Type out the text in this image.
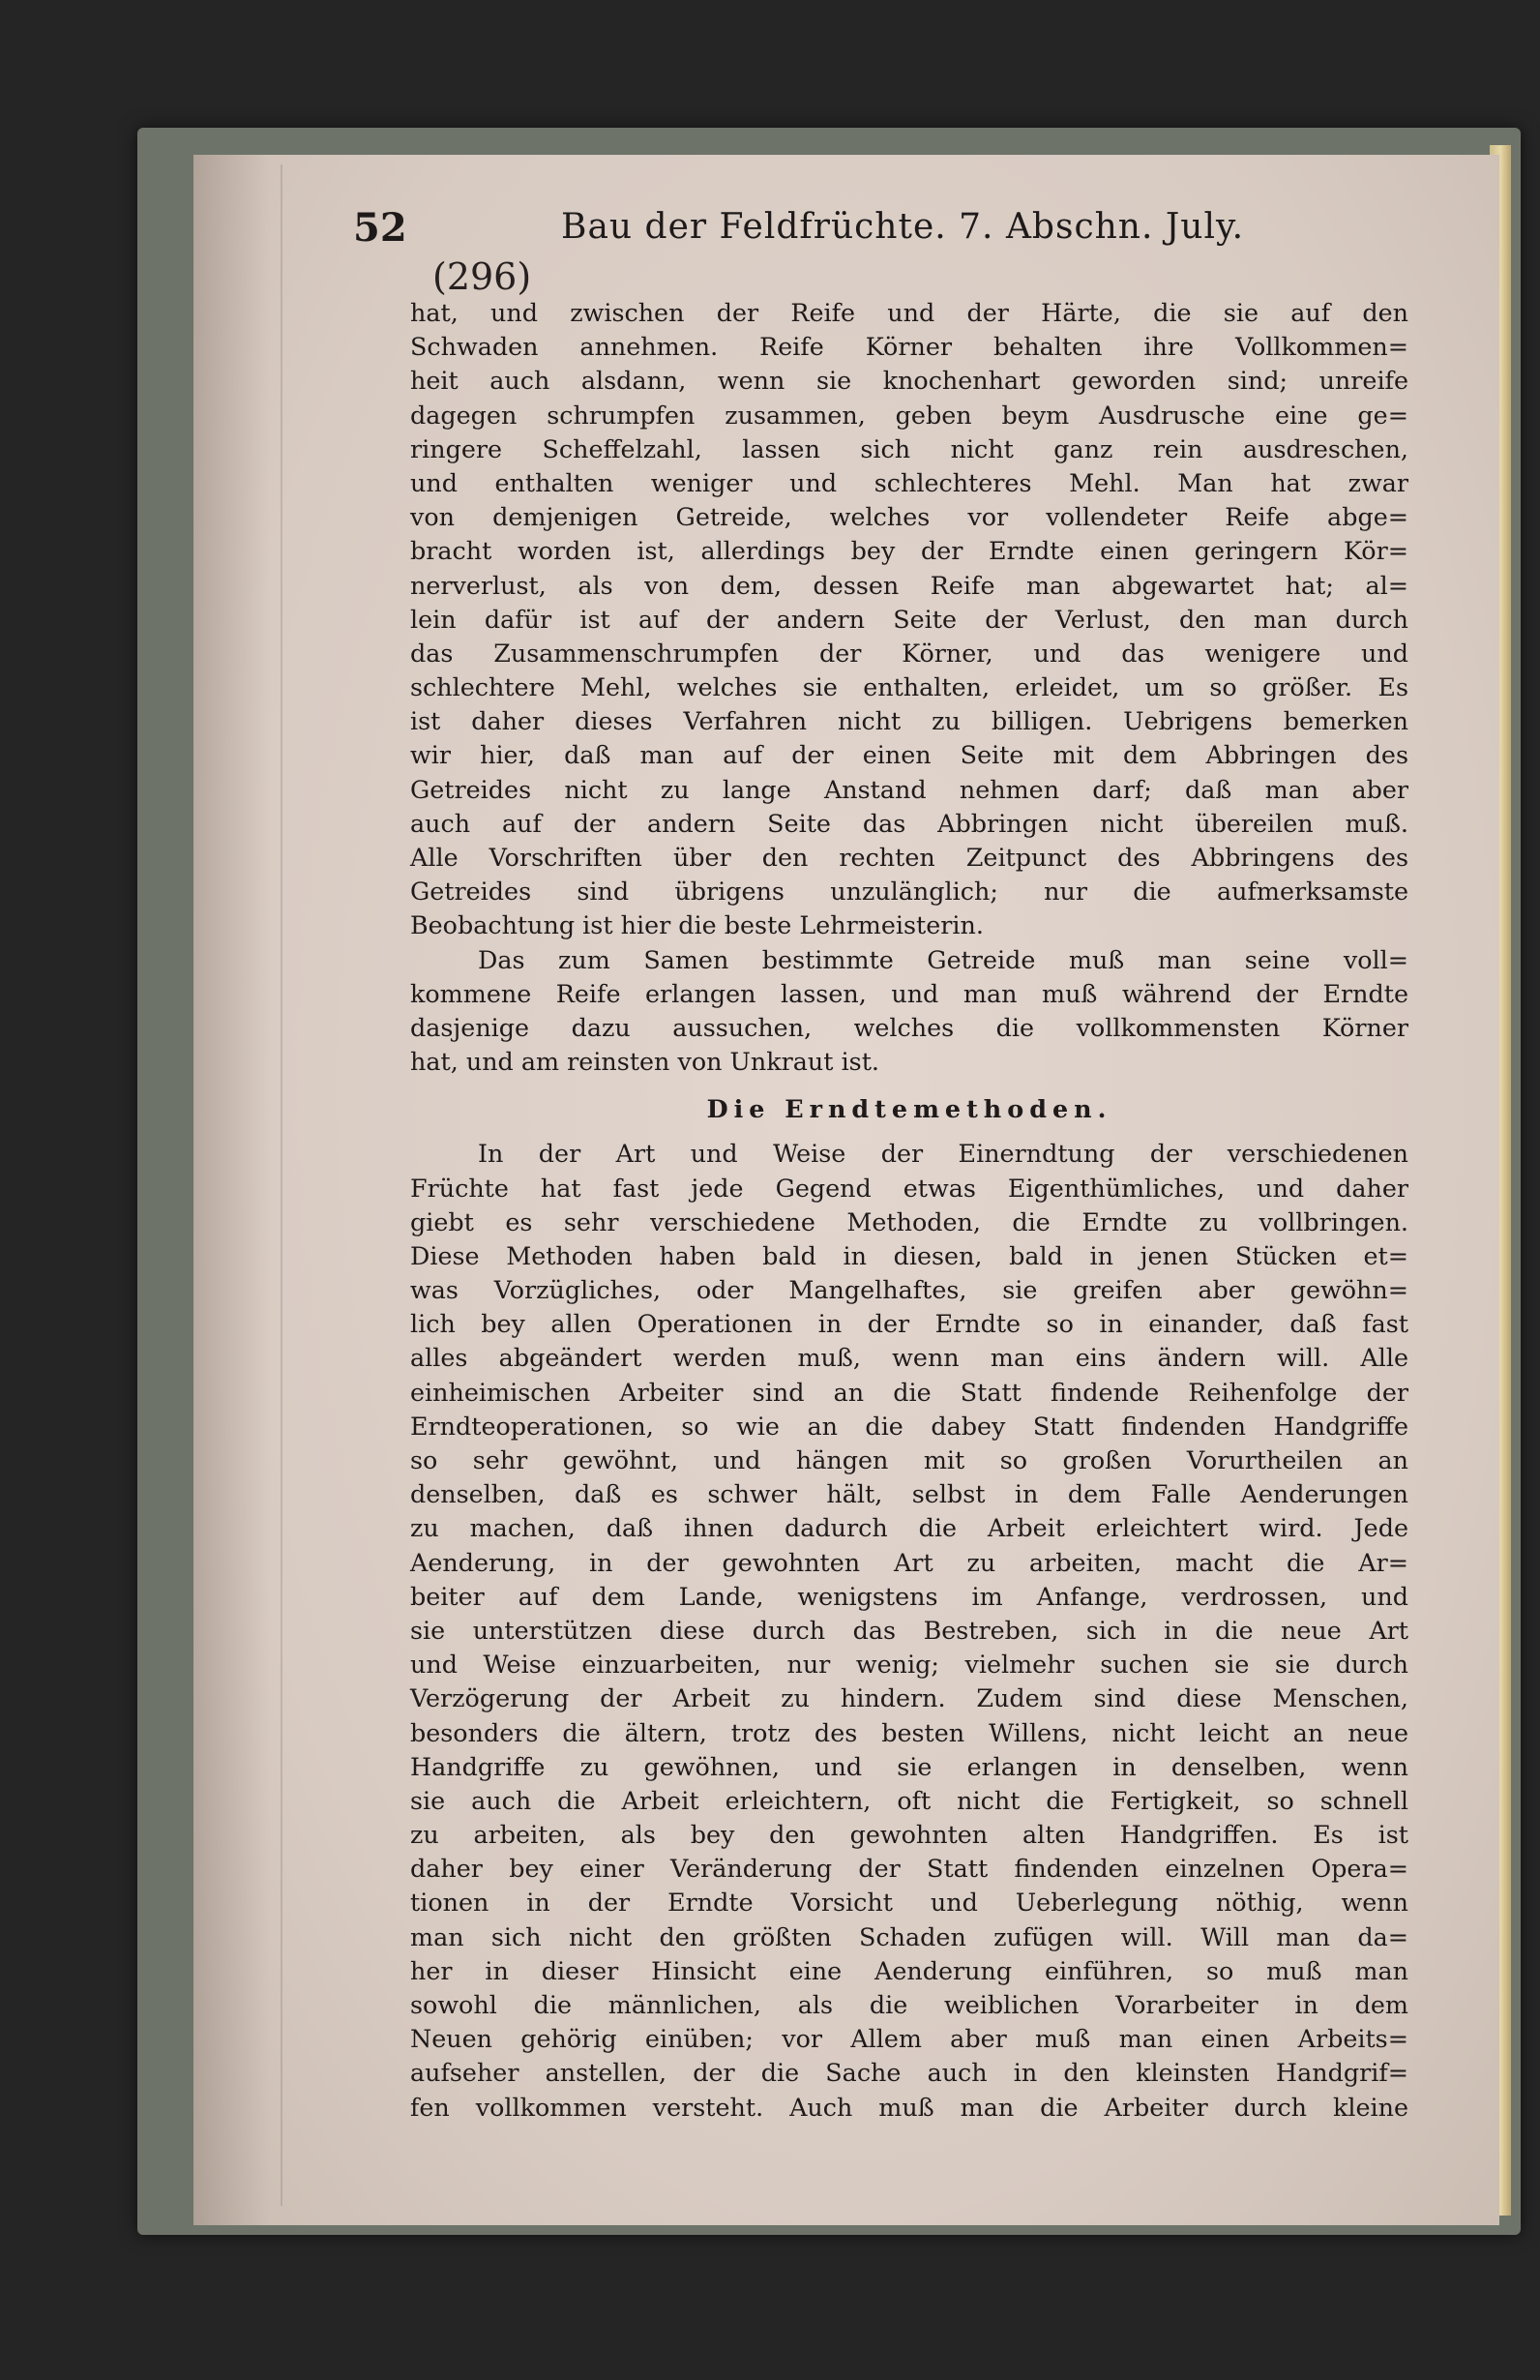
52	Bau der Feldfrüchte. 7. Abschn. July.
(296)
hat, und zwischen der Reife und der Härte, die sie auf den
Schwaden annehmen. Reife Körner behalten ihre Vollkommen=
heit auch alsdann, wenn sie knochenhart geworden sind; unreife
dagegen schrumpfen zusammen, geben beym Ausdrusche eine ge=
ringere Scheffelzahl, lassen sich nicht ganz rein ausdreschen,
und enthalten weniger und schlechteres Mehl. Man hat zwar
von demjenigen Getreide, welches vor vollendeter Reife abge=
bracht worden ist, allerdings bey der Erndte einen geringern Kör=
nerverlust, als von dem, dessen Reife man abgewartet hat; al=
lein dafür ist auf der andern Seite der Verlust, den man durch
das Zusammenschrumpfen der Körner, und das wenigere und
schlechtere Mehl, welches sie enthalten, erleidet, um so größer. Es
ist daher dieses Verfahren nicht zu billigen. Uebrigens bemerken
wir hier, daß man auf der einen Seite mit dem Abbringen des
Getreides nicht zu lange Anstand nehmen darf; daß man aber
auch auf der andern Seite das Abbringen nicht übereilen muß.
Alle Vorschriften über den rechten Zeitpunct des Abbringens des
Getreides sind übrigens unzulänglich; nur die aufmerksamste
Beobachtung ist hier die beste Lehrmeisterin.
Das zum Samen bestimmte Getreide muß man seine voll=
kommene Reife erlangen lassen, und man muß während der Erndte
dasjenige dazu aussuchen, welches die vollkommensten Körner
hat, und am reinsten von Unkraut ist.
Die Erndtemethoden.
In der Art und Weise der Einerndtung der verschiedenen
Früchte hat fast jede Gegend etwas Eigenthümliches, und daher
giebt es sehr verschiedene Methoden, die Erndte zu vollbringen.
Diese Methoden haben bald in diesen, bald in jenen Stücken et=
was Vorzügliches, oder Mangelhaftes, sie greifen aber gewöhn=
lich bey allen Operationen in der Erndte so in einander, daß fast
alles abgeändert werden muß, wenn man eins ändern will. Alle
einheimischen Arbeiter sind an die Statt findende Reihenfolge der
Erndteoperationen, so wie an die dabey Statt findenden Handgriffe
so sehr gewöhnt, und hängen mit so großen Vorurtheilen an
denselben, daß es schwer hält, selbst in dem Falle Aenderungen
zu machen, daß ihnen dadurch die Arbeit erleichtert wird. Jede
Aenderung, in der gewohnten Art zu arbeiten, macht die Ar=
beiter auf dem Lande, wenigstens im Anfange, verdrossen, und
sie unterstützen diese durch das Bestreben, sich in die neue Art
und Weise einzuarbeiten, nur wenig; vielmehr suchen sie sie durch
Verzögerung der Arbeit zu hindern. Zudem sind diese Menschen,
besonders die ältern, trotz des besten Willens, nicht leicht an neue
Handgriffe zu gewöhnen, und sie erlangen in denselben, wenn
sie auch die Arbeit erleichtern, oft nicht die Fertigkeit, so schnell
zu arbeiten, als bey den gewohnten alten Handgriffen. Es ist
daher bey einer Veränderung der Statt findenden einzelnen Opera=
tionen in der Erndte Vorsicht und Ueberlegung nöthig, wenn
man sich nicht den größten Schaden zufügen will. Will man da=
her in dieser Hinsicht eine Aenderung einführen, so muß man
sowohl die männlichen, als die weiblichen Vorarbeiter in dem
Neuen gehörig einüben; vor Allem aber muß man einen Arbeits=
aufseher anstellen, der die Sache auch in den kleinsten Handgrif=
fen vollkommen versteht. Auch muß man die Arbeiter durch kleine
